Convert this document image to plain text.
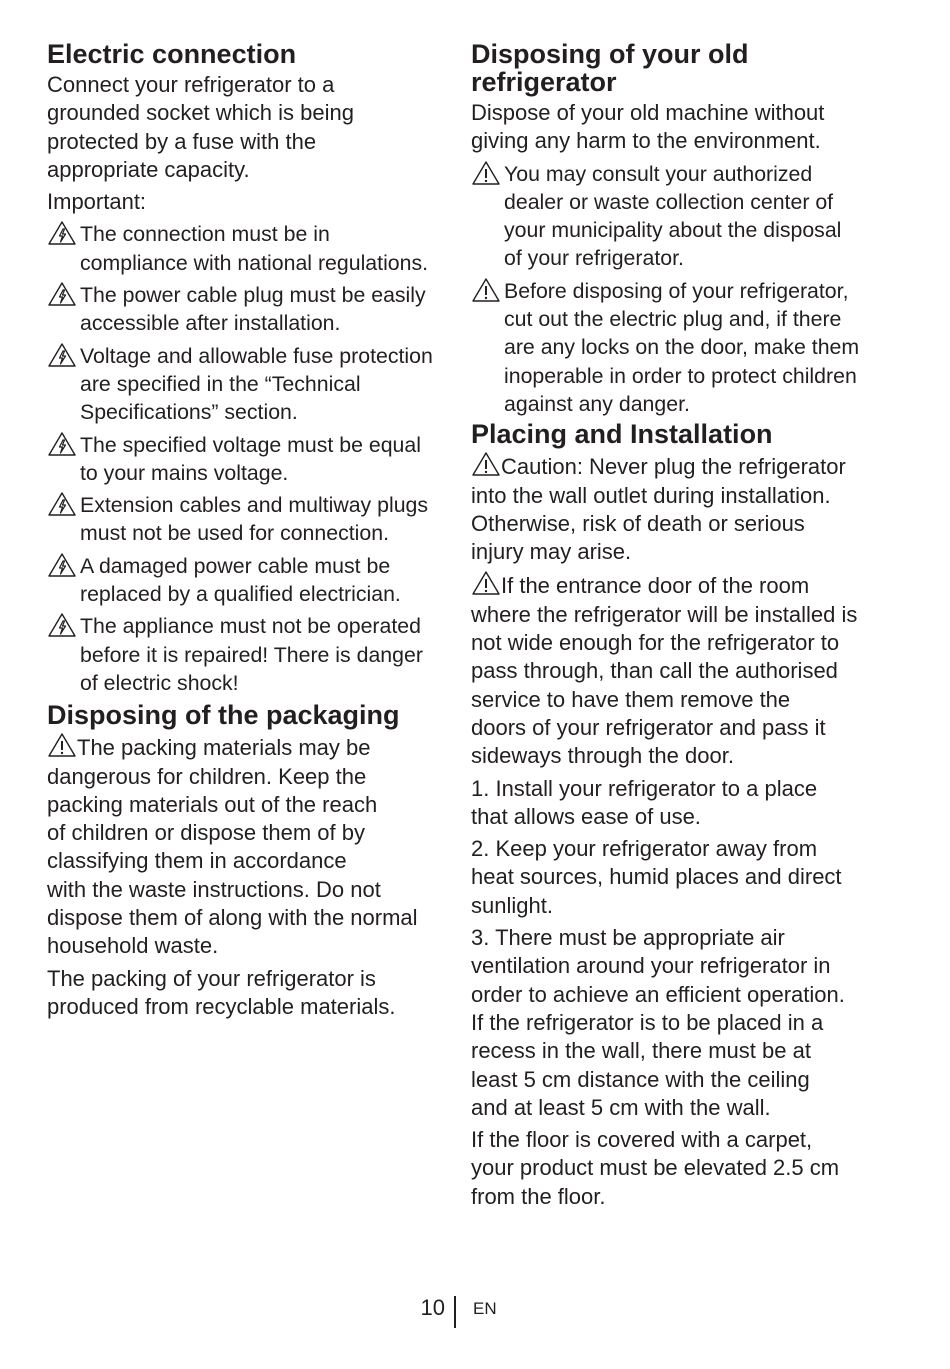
Electric connection

Connect your refrigerator to a
grounded socket which is being
protected by a fuse with the
appropriate capacity.

Important:

The connection must be in
compliance with national regulations.
The power cable plug must be easily
accessible after installation.
Voltage and allowable fuse protection
are specified in the “Technical
Specifications” section.
The specified voltage must be equal
to your mains voltage.
Extension cables and multiway plugs
must not be used for connection.
A damaged power cable must be
replaced by a qualified electrician.
The appliance must not be operated
before it is repaired! There is danger
of electric shock!
Disposing of the packaging

The packing materials may be
dangerous for children. Keep the
packing materials out of the reach
of children or dispose them of by
classifying them in accordance
with the waste instructions. Do not
dispose them of along with the normal
household waste.

The packing of your refrigerator is
produced from recyclable materials.

Disposing of your old
refrigerator

Dispose of your old machine without
giving any harm to the environment.

You may consult your authorized
dealer or waste collection center of
your municipality about the disposal
of your refrigerator.
Before disposing of your refrigerator,
cut out the electric plug and, if there
are any locks on the door, make them
inoperable in order to protect children
against any danger.
Placing and Installation

Caution: Never plug the refrigerator
into the wall outlet during installation.
Otherwise, risk of death or serious
injury may arise.

If the entrance door of the room
where the refrigerator will be installed is
not wide enough for the refrigerator to
pass through, than call the authorised
service to have them remove the
doors of your refrigerator and pass it
sideways through the door.

1. Install your refrigerator to a place
that allows ease of use.

2. Keep your refrigerator away from
heat sources, humid places and direct
sunlight.

3. There must be appropriate air
ventilation around your refrigerator in
order to achieve an efficient operation.
If the refrigerator is to be placed in a
recess in the wall, there must be at
least 5 cm distance with the ceiling
and at least 5 cm with the wall.

If the floor is covered with a carpet,
your product must be elevated 2.5 cm
from the floor.

10 EN
